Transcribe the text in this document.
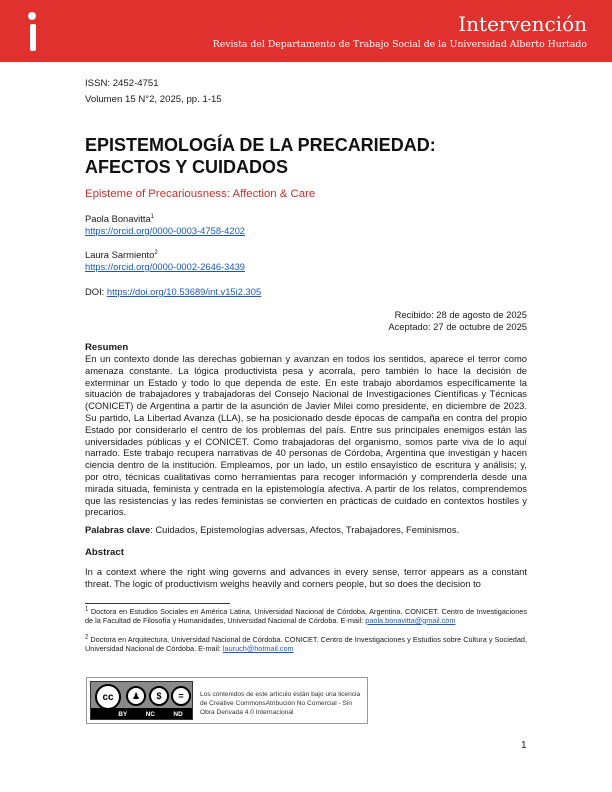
Intervención

Revista del Departamento de Trabajo Social de la Universidad Alberto Hurtado

ISSN: 2452-4751

Volumen 15 N°2, 2025, pp. 1-15

EPISTEMOLOGÍA DE LA PRECARIEDAD:
AFECTOS Y CUIDADOS

Episteme of Precariousness: Affection & Care

Paola Bonavitta$^1$
https://orcid.org/0000-0003-4758-4202
Laura Sarmiento$^2$
https://orcid.org/0000-0002-2646-3439

DOI: https://doi.org/10.53689/int.v15i2.305

Recibido: 28 de agosto de 2025
Aceptado: 27 de octubre de 2025

Resumen

En un contexto donde las derechas gobiernan y avanzan en todos los sentidos, aparece el terror como amenaza constante. La lógica productivista pesa y acorrala, pero también lo hace la decisión de exterminar un Estado y todo lo que dependa de este. En este trabajo abordamos específicamente la situación de trabajadores y trabajadoras del Consejo Nacional de Investigaciones Científicas y Técnicas (CONICET) de Argentina a partir de la asunción de Javier Milei como presidente, en diciembre de 2023. Su partido, La Libertad Avanza (LLA), se ha posicionado desde épocas de campaña en contra del propio Estado por considerarlo el centro de los problemas del país. Entre sus principales enemigos están las universidades públicas y el CONICET. Como trabajadoras del organismo, somos parte viva de lo aquí narrado. Este trabajo recupera narrativas de 40 personas de Córdoba, Argentina que investigan y hacen ciencia dentro de la institución. Empleamos, por un lado, un estilo ensayístico de escritura y análisis; y, por otro, técnicas cualitativas como herramientas para recoger información y comprenderla desde una mirada situada, feminista y centrada en la epistemología afectiva. A partir de los relatos, comprendemos que las resistencias y las redes feministas se convierten en prácticas de cuidado en contextos hostiles y precarios.

Palabras clave: Cuidados, Epistemologías adversas, Afectos, Trabajadores, Feminismos.

Abstract

In a context where the right wing governs and advances in every sense, terror appears as a constant threat. The logic of productivism weighs heavily and corners people, but so does the decision to

$^1$ Doctora en Estudios Sociales en América Latina, Universidad Nacional de Córdoba, Argentina. CONICET. Centro de Investigaciones de la Facultad de Filosofía y Humanidades, Universidad Nacional de Córdoba. E-mail: paola.bonavitta@gmail.com

$^2$ Doctora en Arquitectura, Universidad Nacional de Córdoba. CONICET. Centro de Investigaciones y Estudios sobre Cultura y Sociedad, Universidad Nacional de Córdoba. E-mail: lauruch@hotmail.com

cc	♟	$	=
BY	NC	ND

Los contenidos de este artículo están bajo una licencia de Creative CommonsAtribución No Comercial - Sin Obra Derivada 4.0 Internacional

1
